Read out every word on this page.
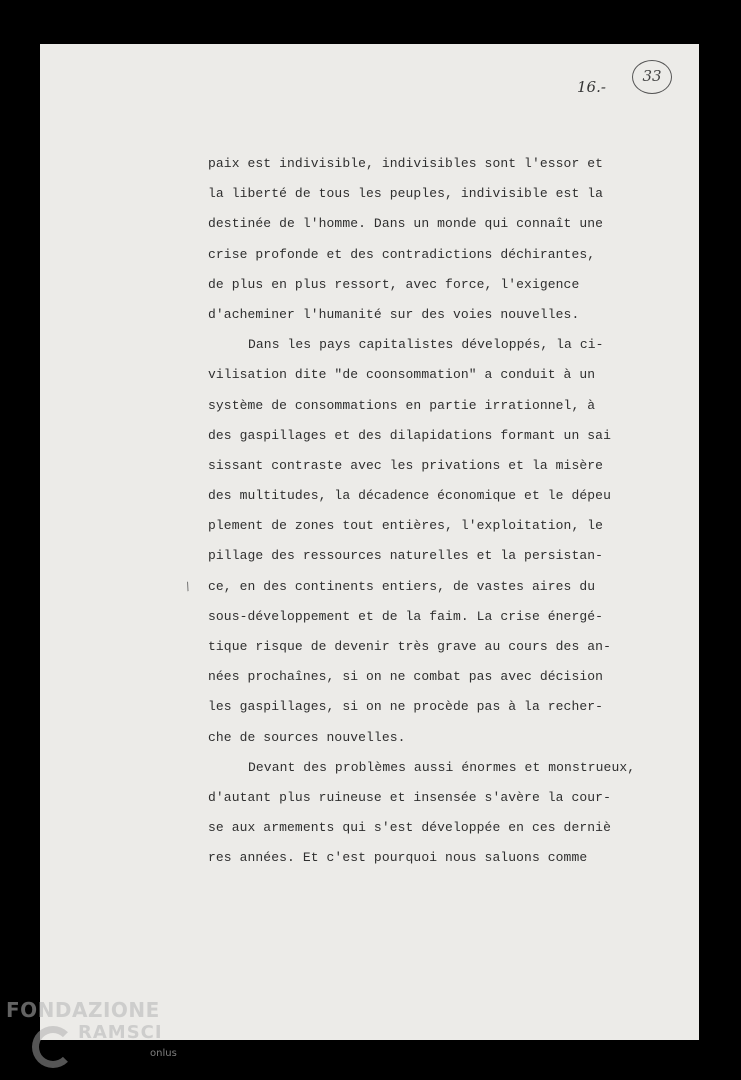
16.-
33
/
paix est indivisible, indivisibles sont l'essor et
la liberté de tous les peuples, indivisible est la
destinée de l'homme. Dans un monde qui connaît une
crise profonde et des contradictions déchirantes,
de plus en plus ressort, avec force, l'exigence
d'acheminer l'humanité sur des voies nouvelles.
Dans les pays capitalistes développés, la ci-
vilisation dite "de coonsommation" a conduit à un
système de consommations en partie irrationnel, à
des gaspillages et des dilapidations formant un sai
sissant contraste avec les privations et la misère
des multitudes, la décadence économique et le dépeu
plement de zones tout entières, l'exploitation, le
pillage des ressources naturelles et la persistan-
ce, en des continents entiers, de vastes aires du
sous-développement et de la faim. La crise énergé-
tique risque de devenir très grave au cours des an-
nées prochaînes, si on ne combat pas avec décision
les gaspillages, si on ne procède pas à la recher-
che de sources nouvelles.
Devant des problèmes aussi énormes et monstrueux,
d'autant plus ruineuse et insensée s'avère la cour-
se aux armements qui s'est développée en ces derniè
res années. Et c'est pourquoi nous saluons comme
FONDAZIONE
RAMSCI
onlus
